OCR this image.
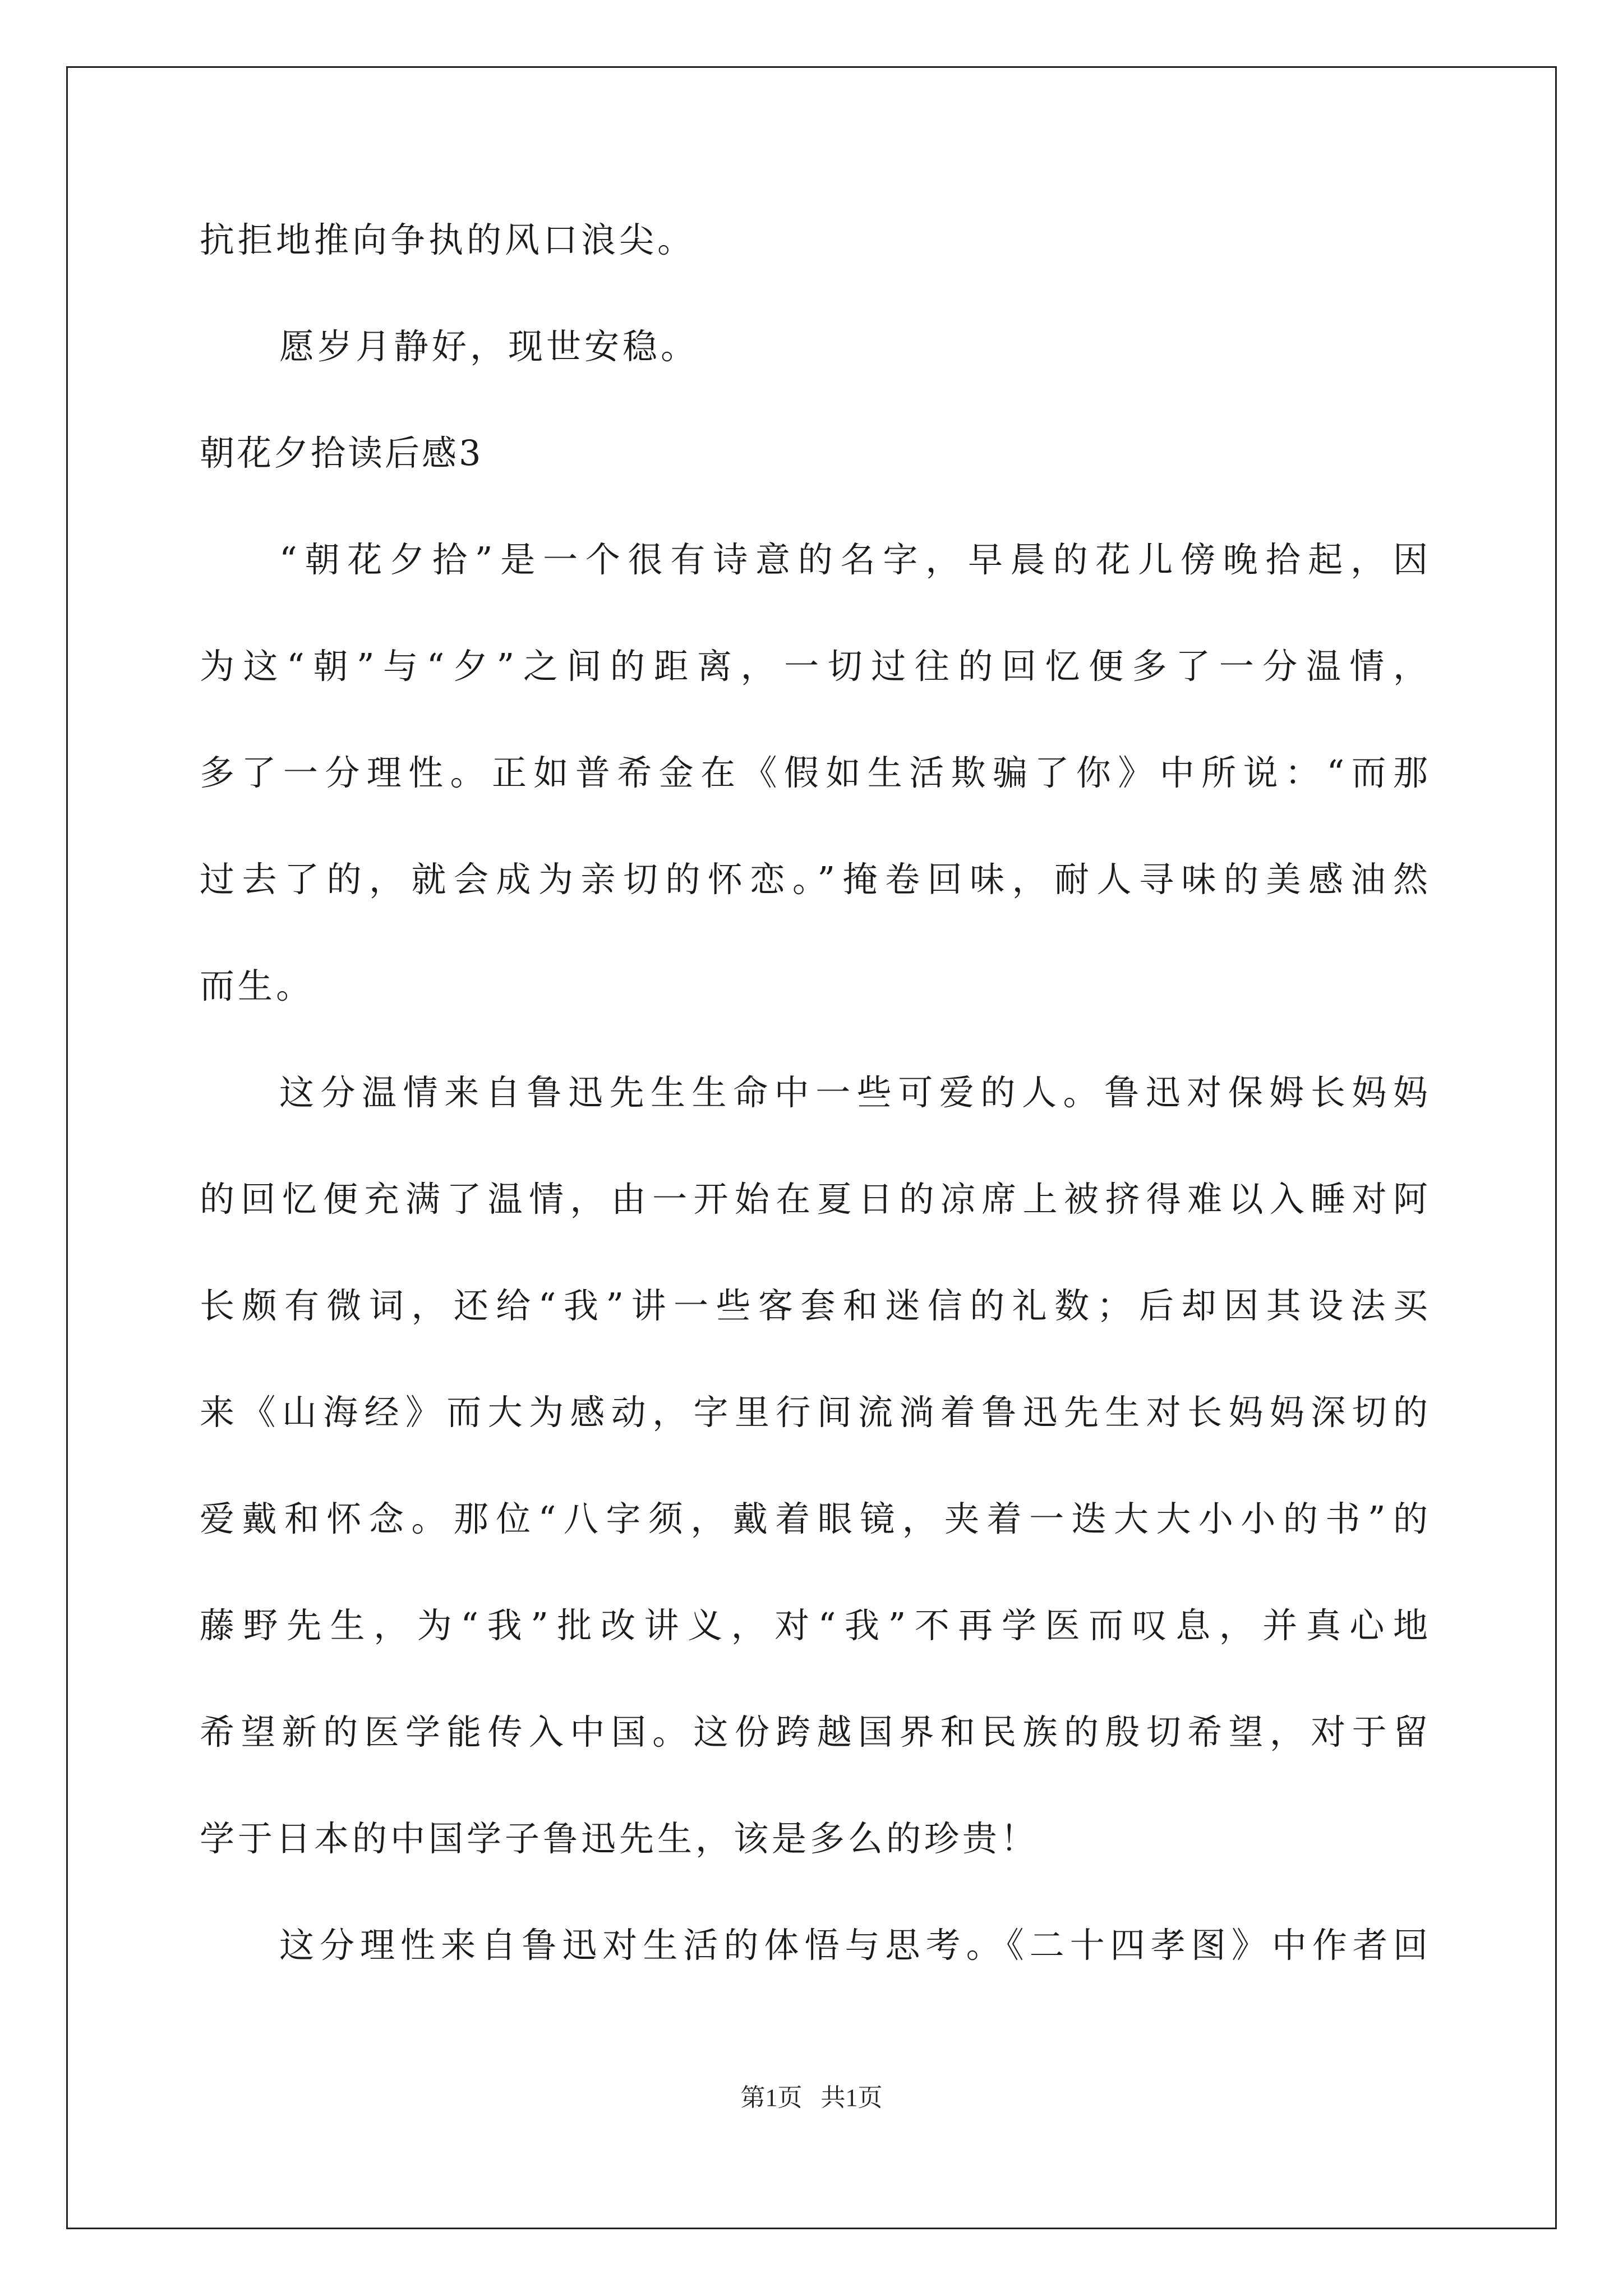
抗拒地推向争执的风口浪尖。
愿岁月静好，现世安稳。
朝花夕拾读后感3
“朝花夕拾”是一个很有诗意的名字，早晨的花儿傍晚拾起，因
为这“朝”与“夕”之间的距离，一切过往的回忆便多了一分温情，
多了一分理性。正如普希金在《假如生活欺骗了你》中所说：“而那
过去了的，就会成为亲切的怀恋。”掩卷回味，耐人寻味的美感油然
而生。
这分温情来自鲁迅先生生命中一些可爱的人。鲁迅对保姆长妈妈
的回忆便充满了温情，由一开始在夏日的凉席上被挤得难以入睡对阿
长颇有微词，还给“我”讲一些客套和迷信的礼数；后却因其设法买
来《山海经》而大为感动，字里行间流淌着鲁迅先生对长妈妈深切的
爱戴和怀念。那位“八字须，戴着眼镜，夹着一迭大大小小的书”的
藤野先生，为“我”批改讲义，对“我”不再学医而叹息，并真心地
希望新的医学能传入中国。这份跨越国界和民族的殷切希望，对于留
学于日本的中国学子鲁迅先生，该是多么的珍贵！
这分理性来自鲁迅对生活的体悟与思考。《二十四孝图》中作者回
第1页   共1页
